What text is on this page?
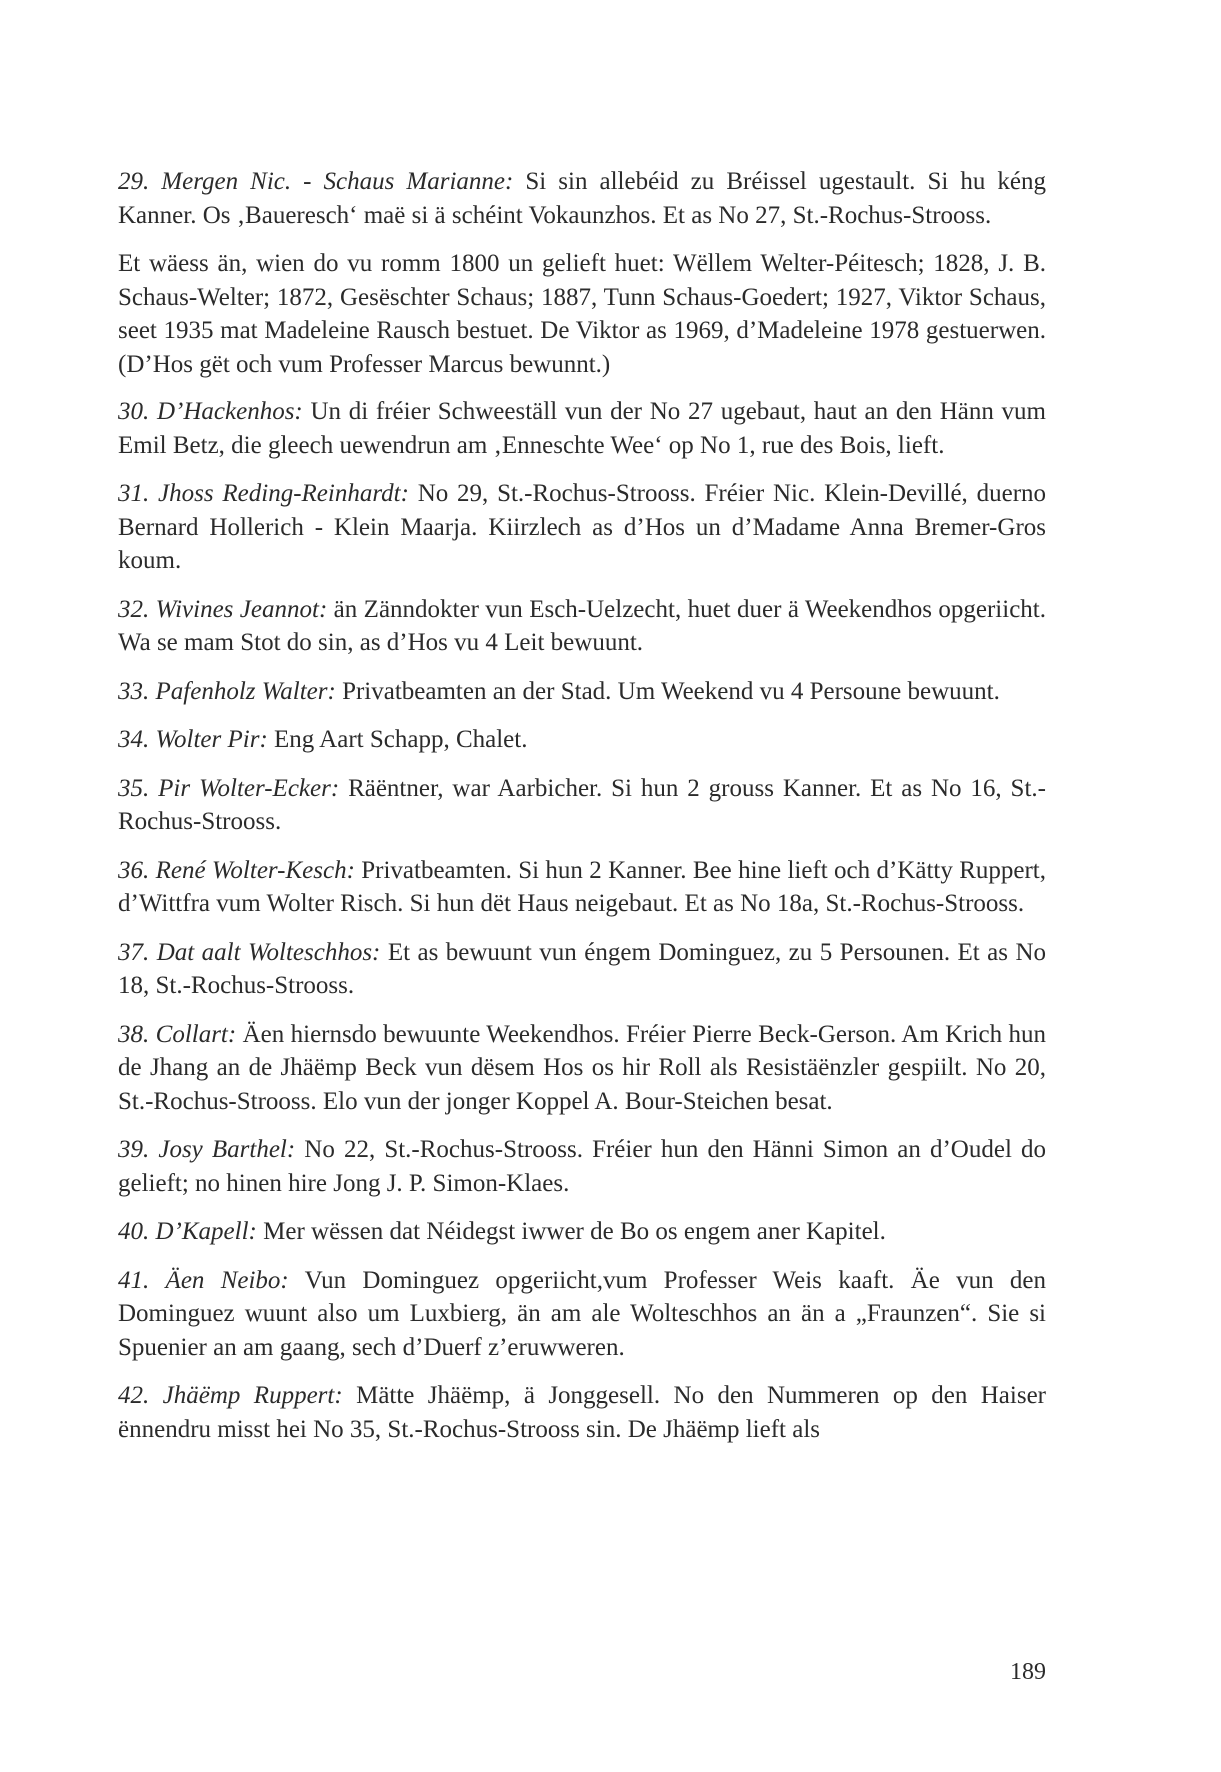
29. Mergen Nic. - Schaus Marianne: Si sin allebéid zu Bréissel ugestault. Si hu kéng Kanner. Os ‚Baueresch‘ maë si ä schéint Vokaunzhos. Et as No 27, St.-Rochus-Strooss.

Et wäess än, wien do vu romm 1800 un gelieft huet: Wëllem Welter-Péitesch; 1828, J. B. Schaus-Welter; 1872, Gesëschter Schaus; 1887, Tunn Schaus-Goedert; 1927, Viktor Schaus, seet 1935 mat Madeleine Rausch bestuet. De Viktor as 1969, d’Madeleine 1978 gestuerwen. (D’Hos gët och vum Professer Marcus bewunnt.)

30. D’Hackenhos: Un di fréier Schweeställ vun der No 27 ugebaut, haut an den Hänn vum Emil Betz, die gleech uewendrun am ‚Enneschte Wee‘ op No 1, rue des Bois, lieft.

31. Jhoss Reding-Reinhardt: No 29, St.-Rochus-Strooss. Fréier Nic. Klein-Devillé, duerno Bernard Hollerich - Klein Maarja. Kiirzlech as d’Hos un d’Madame Anna Bremer-Gros koum.

32. Wivines Jeannot: än Zänndokter vun Esch-Uelzecht, huet duer ä Weekendhos opgeriicht. Wa se mam Stot do sin, as d’Hos vu 4 Leit bewuunt.

33. Pafenholz Walter: Privatbeamten an der Stad. Um Weekend vu 4 Persoune bewuunt.

34. Wolter Pir: Eng Aart Schapp, Chalet.

35. Pir Wolter-Ecker: Räëntner, war Aarbicher. Si hun 2 grouss Kanner. Et as No 16, St.-Rochus-Strooss.

36. René Wolter-Kesch: Privatbeamten. Si hun 2 Kanner. Bee hine lieft och d’Kätty Ruppert, d’Wittfra vum Wolter Risch. Si hun dët Haus neigebaut. Et as No 18a, St.-Rochus-Strooss.

37. Dat aalt Wolteschhos: Et as bewuunt vun éngem Dominguez, zu 5 Persounen. Et as No 18, St.-Rochus-Strooss.

38. Collart: Äen hiernsdo bewuunte Weekendhos. Fréier Pierre Beck-Gerson. Am Krich hun de Jhang an de Jhäëmp Beck vun dësem Hos os hir Roll als Resistäënzler gespiilt. No 20, St.-Rochus-Strooss. Elo vun der jonger Koppel A. Bour-Steichen besat.

39. Josy Barthel: No 22, St.-Rochus-Strooss. Fréier hun den Hänni Simon an d’Oudel do gelieft; no hinen hire Jong J. P. Simon-Klaes.

40. D’Kapell: Mer wëssen dat Néidegst iwwer de Bo os engem aner Kapitel.

41. Äen Neibo: Vun Dominguez opgeriicht,vum Professer Weis kaaft. Äe vun den Dominguez wuunt also um Luxbierg, än am ale Wolteschhos an än a „Fraunzen“. Sie si Spuenier an am gaang, sech d’Duerf z’eruwweren.

42. Jhäëmp Ruppert: Mätte Jhäëmp, ä Jonggesell. No den Nummeren op den Haiser ënnendru misst hei No 35, St.-Rochus-Strooss sin. De Jhäëmp lieft als

189
